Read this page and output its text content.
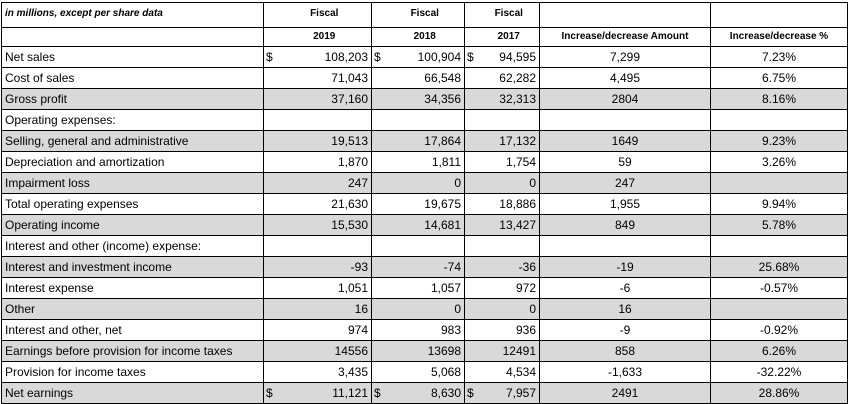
in millions, except per share data		Fiscal		Fiscal		Fiscal		
		2019		2018		2017	Increase/decrease Amount	Increase/decrease %
Net sales	$	108,203	$	100,904	$	94,595	7,299	7.23%
Cost of sales		71,043		66,548		62,282	4,495	6.75%
Gross profit		37,160		34,356		32,313	2804	8.16%
Operating expenses:								
Selling, general and administrative		19,513		17,864		17,132	1649	9.23%
Depreciation and amortization		1,870		1,811		1,754	59	3.26%
Impairment loss		247		0		0	247	
Total operating expenses		21,630		19,675		18,886	1,955	9.94%
Operating income		15,530		14,681		13,427	849	5.78%
Interest and other (income) expense:								
Interest and investment income		-93		-74		-36	-19	25.68%
Interest expense		1,051		1,057		972	-6	-0.57%
Other		16		0		0	16	
Interest and other, net		974		983		936	-9	-0.92%
Earnings before provision for income taxes		14556		13698		12491	858	6.26%
Provision for income taxes		3,435		5,068		4,534	-1,633	-32.22%
Net earnings	$	11,121	$	8,630	$	7,957	2491	28.86%
